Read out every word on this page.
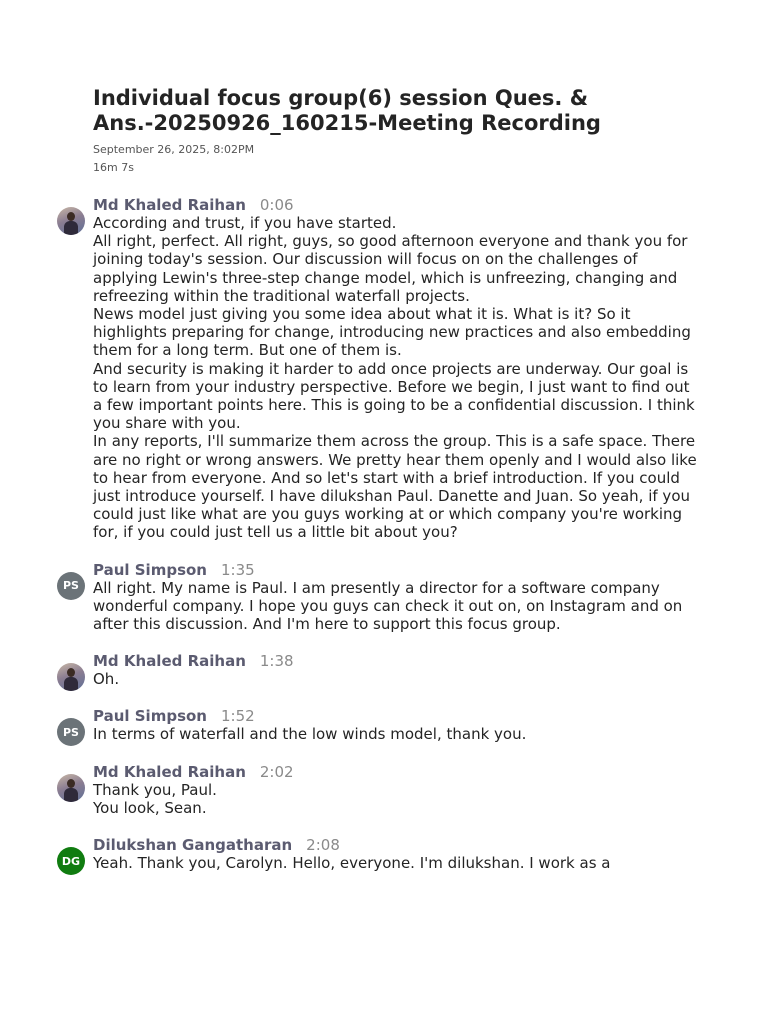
Individual focus group(6) session Ques. & Ans.-20250926_160215-Meeting Recording
September 26, 2025, 8:02PM
16m 7s
Md Khaled Raihan 0:06

According and trust, if you have started.

All right, perfect. All right, guys, so good afternoon everyone and thank you for joining today's session. Our discussion will focus on on the challenges of applying Lewin's three-step change model, which is unfreezing, changing and refreezing within the traditional waterfall projects.

News model just giving you some idea about what it is. What is it? So it highlights preparing for change, introducing new practices and also embedding them for a long term. But one of them is.

And security is making it harder to add once projects are underway. Our goal is to learn from your industry perspective. Before we begin, I just want to find out a few important points here. This is going to be a confidential discussion. I think you share with you.

In any reports, I'll summarize them across the group. This is a safe space. There are no right or wrong answers. We pretty hear them openly and I would also like to hear from everyone. And so let's start with a brief introduction. If you could just introduce yourself. I have dilukshan Paul. Danette and Juan. So yeah, if you could just like what are you guys working at or which company you're working for, if you could just tell us a little bit about you?

PS
Paul Simpson 1:35

All right. My name is Paul. I am presently a director for a software company wonderful company. I hope you guys can check it out on, on Instagram and on after this discussion. And I'm here to support this focus group.

Md Khaled Raihan 1:38

Oh.

PS
Paul Simpson 1:52

In terms of waterfall and the low winds model, thank you.

Md Khaled Raihan 2:02

Thank you, Paul.

You look, Sean.

DG
Dilukshan Gangatharan 2:08

Yeah. Thank you, Carolyn. Hello, everyone. I'm dilukshan. I work as a
